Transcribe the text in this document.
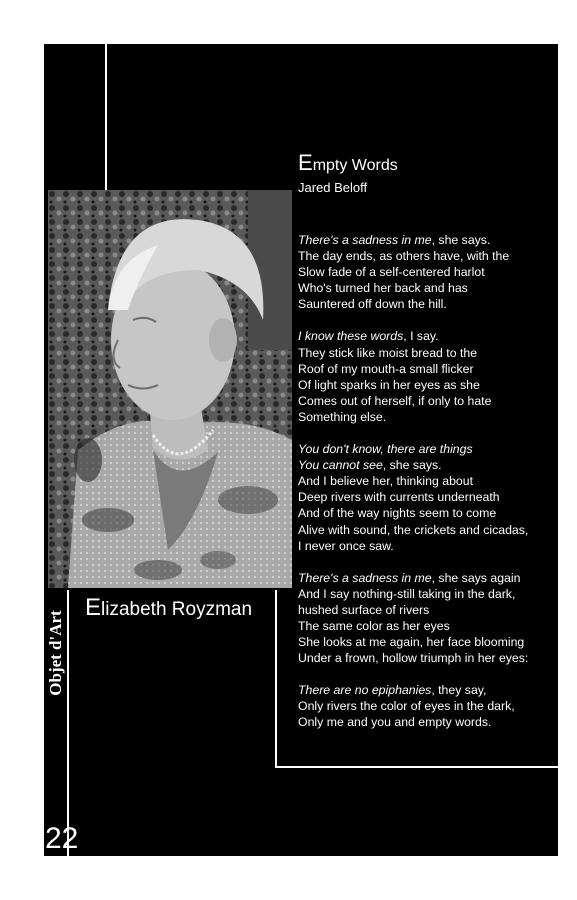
Empty Words
Jared Beloff
There's a sadness in me, she says.
The day ends, as others have, with the
Slow fade of a self-centered harlot
Who's turned her back and has
Sauntered off down the hill.
I know these words, I say.
They stick like moist bread to the
Roof of my mouth-a small flicker
Of light sparks in her eyes as she
Comes out of herself, if only to hate
Something else.
You don't know, there are things
You cannot see, she says.
And I believe her, thinking about
Deep rivers with currents underneath
And of the way nights seem to come
Alive with sound, the crickets and cicadas,
I never once saw.
There's a sadness in me, she says again
And I say nothing-still taking in the dark,
hushed surface of rivers
The same color as her eyes
She looks at me again, her face blooming
Under a frown, hollow triumph in her eyes:
There are no epiphanies, they say,
Only rivers the color of eyes in the dark,
Only me and you and empty words.
Elizabeth Royzman
Objet d'Art
22
